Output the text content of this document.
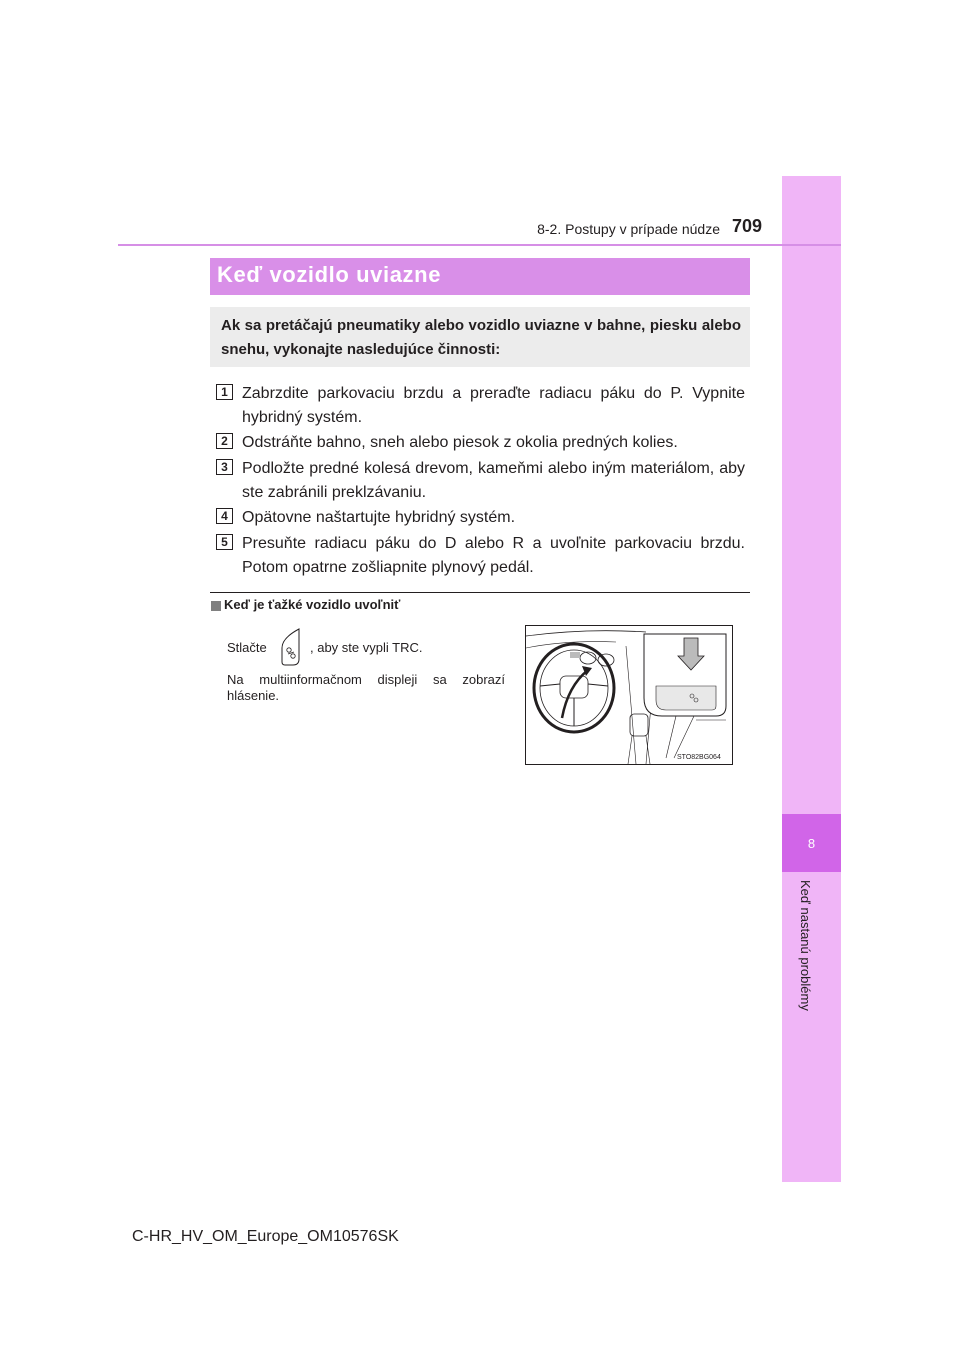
8
Keď nastanú problémy
8-2. Postupy v prípade núdze 709
Keď vozidlo uviazne
Ak sa pretáčajú pneumatiky alebo vozidlo uviazne v bahne, piesku alebo snehu, vykonajte nasledujúce činnosti:
1 Zabrzdite parkovaciu brzdu a preraďte radiacu páku do P. Vypnite hybridný systém.
2 Odstráňte bahno, sneh alebo piesok z okolia predných kolies.
3 Podložte predné kolesá drevom, kameňmi alebo iným materiálom, aby ste zabránili preklzávaniu.
4 Opätovne naštartujte hybridný systém.
5 Presuňte radiacu páku do D alebo R a uvoľnite parkovaciu brzdu. Potom opatrne zošliapnite plynový pedál.
Keď je ťažké vozidlo uvoľniť
Stlačte	, aby ste vypli TRC.
Na multiinformačnom displeji sa zobrazí hlásenie.
STO82BG064
C-HR_HV_OM_Europe_OM10576SK
